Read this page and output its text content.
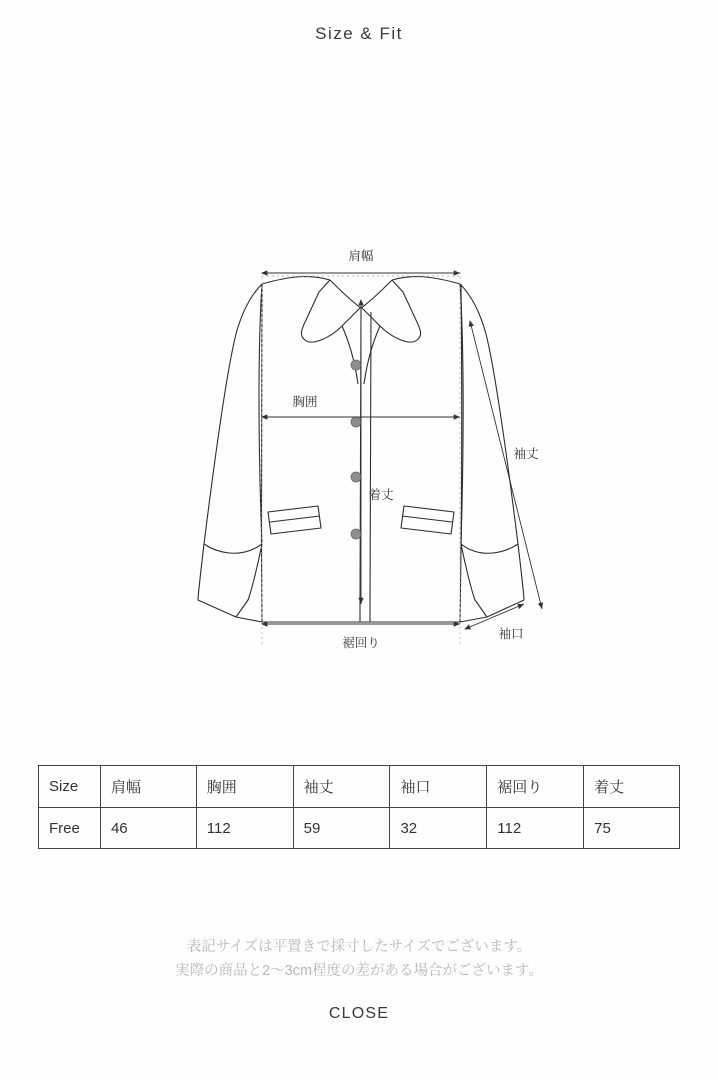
Size & Fit
肩幅
胸囲
着丈
袖丈
裾回り
袖口
Size	肩幅	胸囲	袖丈	袖口	裾回り	着丈
Free	46	112	59	32	112	75
表記サイズは平置きで採寸したサイズでございます。
実際の商品と2〜3cm程度の差がある場合がございます。
CLOSE
